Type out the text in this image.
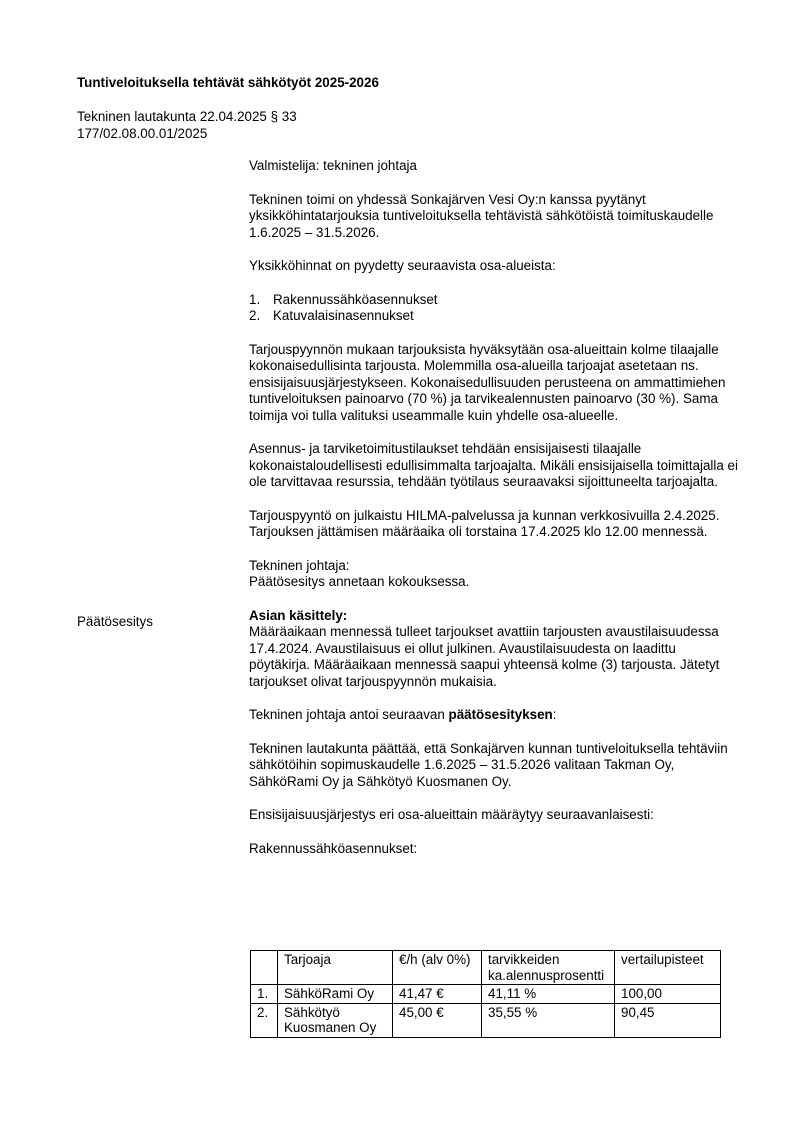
Tuntiveloituksella tehtävät sähkötyöt 2025-2026
Tekninen lautakunta 22.04.2025 § 33
177/02.08.00.01/2025
Päätösesitys

Valmistelija: tekninen johtaja

Tekninen toimi on yhdessä Sonkajärven Vesi Oy:n kanssa pyytänyt yksikköhintatarjouksia tuntiveloituksella tehtävistä sähkötöistä toimituskaudelle 1.6.2025 – 31.5.2026.

Yksikköhinnat on pyydetty seuraavista osa-alueista:

1. Rakennussähköasennukset
2. Katuvalaisinasennukset

Tarjouspyynnön mukaan tarjouksista hyväksytään osa-alueittain kolme tilaajalle kokonaisedullisinta tarjousta. Molemmilla osa-alueilla tarjoajat asetetaan ns. ensisijaisuusjärjestykseen. Kokonaisedullisuuden perusteena on ammattimiehen tuntiveloituksen painoarvo (70 %) ja tarvikealennusten painoarvo (30 %). Sama toimija voi tulla valituksi useammalle kuin yhdelle osa-alueelle.

Asennus- ja tarviketoimitustilaukset tehdään ensisijaisesti tilaajalle kokonaistaloudellisesti edullisimmalta tarjoajalta. Mikäli ensisijaisella toimittajalla ei ole tarvittavaa resurssia, tehdään työtilaus seuraavaksi sijoittuneelta tarjoajalta.

Tarjouspyyntö on julkaistu HILMA-palvelussa ja kunnan verkkosivuilla 2.4.2025. Tarjouksen jättämisen määräaika oli torstaina 17.4.2025 klo 12.00 mennessä.

Tekninen johtaja:
Päätösesitys annetaan kokouksessa.

Asian käsittely:
Määräaikaan mennessä tulleet tarjoukset avattiin tarjousten avaustilaisuudessa 17.4.2024. Avaustilaisuus ei ollut julkinen. Avaustilaisuudesta on laadittu pöytäkirja. Määräaikaan mennessä saapui yhteensä kolme (3) tarjousta. Jätetyt tarjoukset olivat tarjouspyynnön mukaisia.

Tekninen johtaja antoi seuraavan päätösesityksen:

Tekninen lautakunta päättää, että Sonkajärven kunnan tuntiveloituksella tehtäviin sähkötöihin sopimuskaudelle 1.6.2025 – 31.5.2026 valitaan Takman Oy, SähköRami Oy ja Sähkötyö Kuosmanen Oy.

Ensisijaisuusjärjestys eri osa-alueittain määräytyy seuraavanlaisesti:

Rakennussähköasennukset:

	Tarjoaja	€/h (alv 0%)	tarvikkeiden ka.alennusprosentti	vertailupisteet
1.	SähköRami Oy	41,47 €	41,11 %	100,00
2.	Sähkötyö Kuosmanen Oy	45,00 €	35,55 %	90,45
